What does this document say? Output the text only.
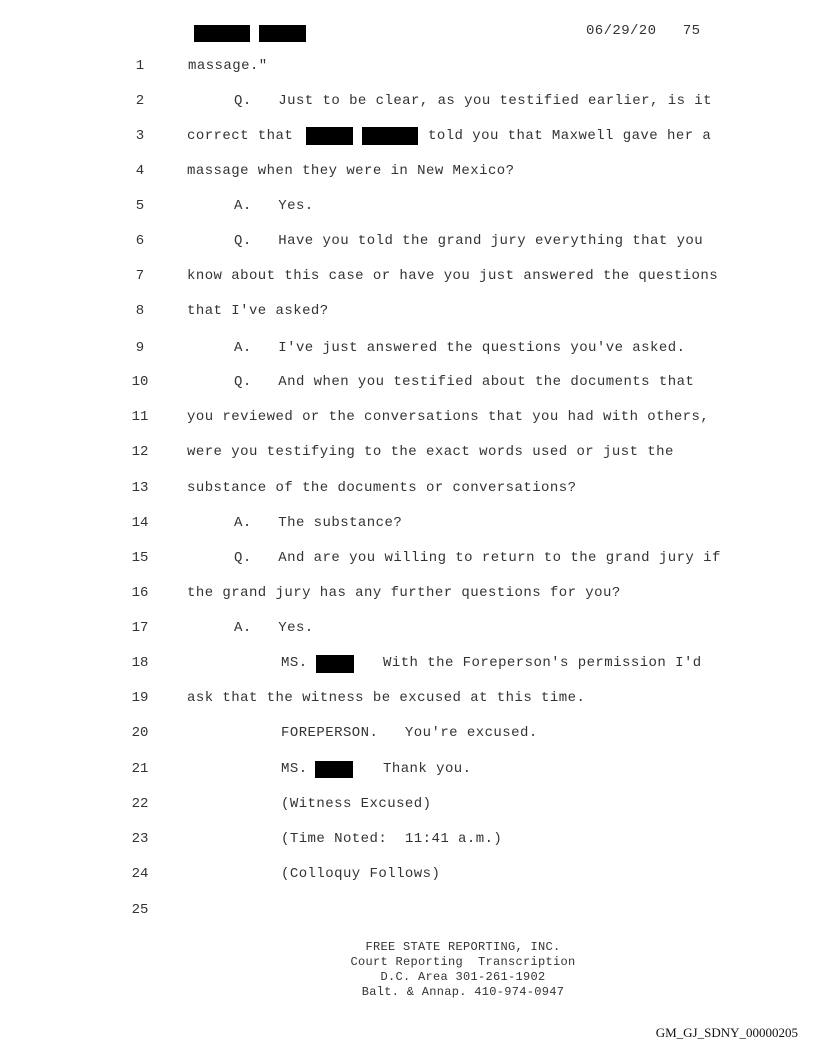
06/29/20 75
1
2
3
4
5
6
7
8
9
10
11
12
13
14
15
16
17
18
19
20
21
22
23
24
25
massage."
Q.   Just to be clear, as you testified earlier, is it
correct that	told you that Maxwell gave her a
massage when they were in New Mexico?
A.   Yes.
Q.   Have you told the grand jury everything that you
know about this case or have you just answered the questions
that I've asked?
A.   I've just answered the questions you've asked.
Q.   And when you testified about the documents that
you reviewed or the conversations that you had with others,
were you testifying to the exact words used or just the
substance of the documents or conversations?
A.   The substance?
Q.   And are you willing to return to the grand jury if
the grand jury has any further questions for you?
A.   Yes.
MS.	With the Foreperson's permission I'd
ask that the witness be excused at this time.
FOREPERSON.   You're excused.
MS.	Thank you.
(Witness Excused)
(Time Noted:  11:41 a.m.)
(Colloquy Follows)
FREE STATE REPORTING, INC.
Court Reporting  Transcription
D.C. Area 301-261-1902
Balt. & Annap. 410-974-0947
GM_GJ_SDNY_00000205
